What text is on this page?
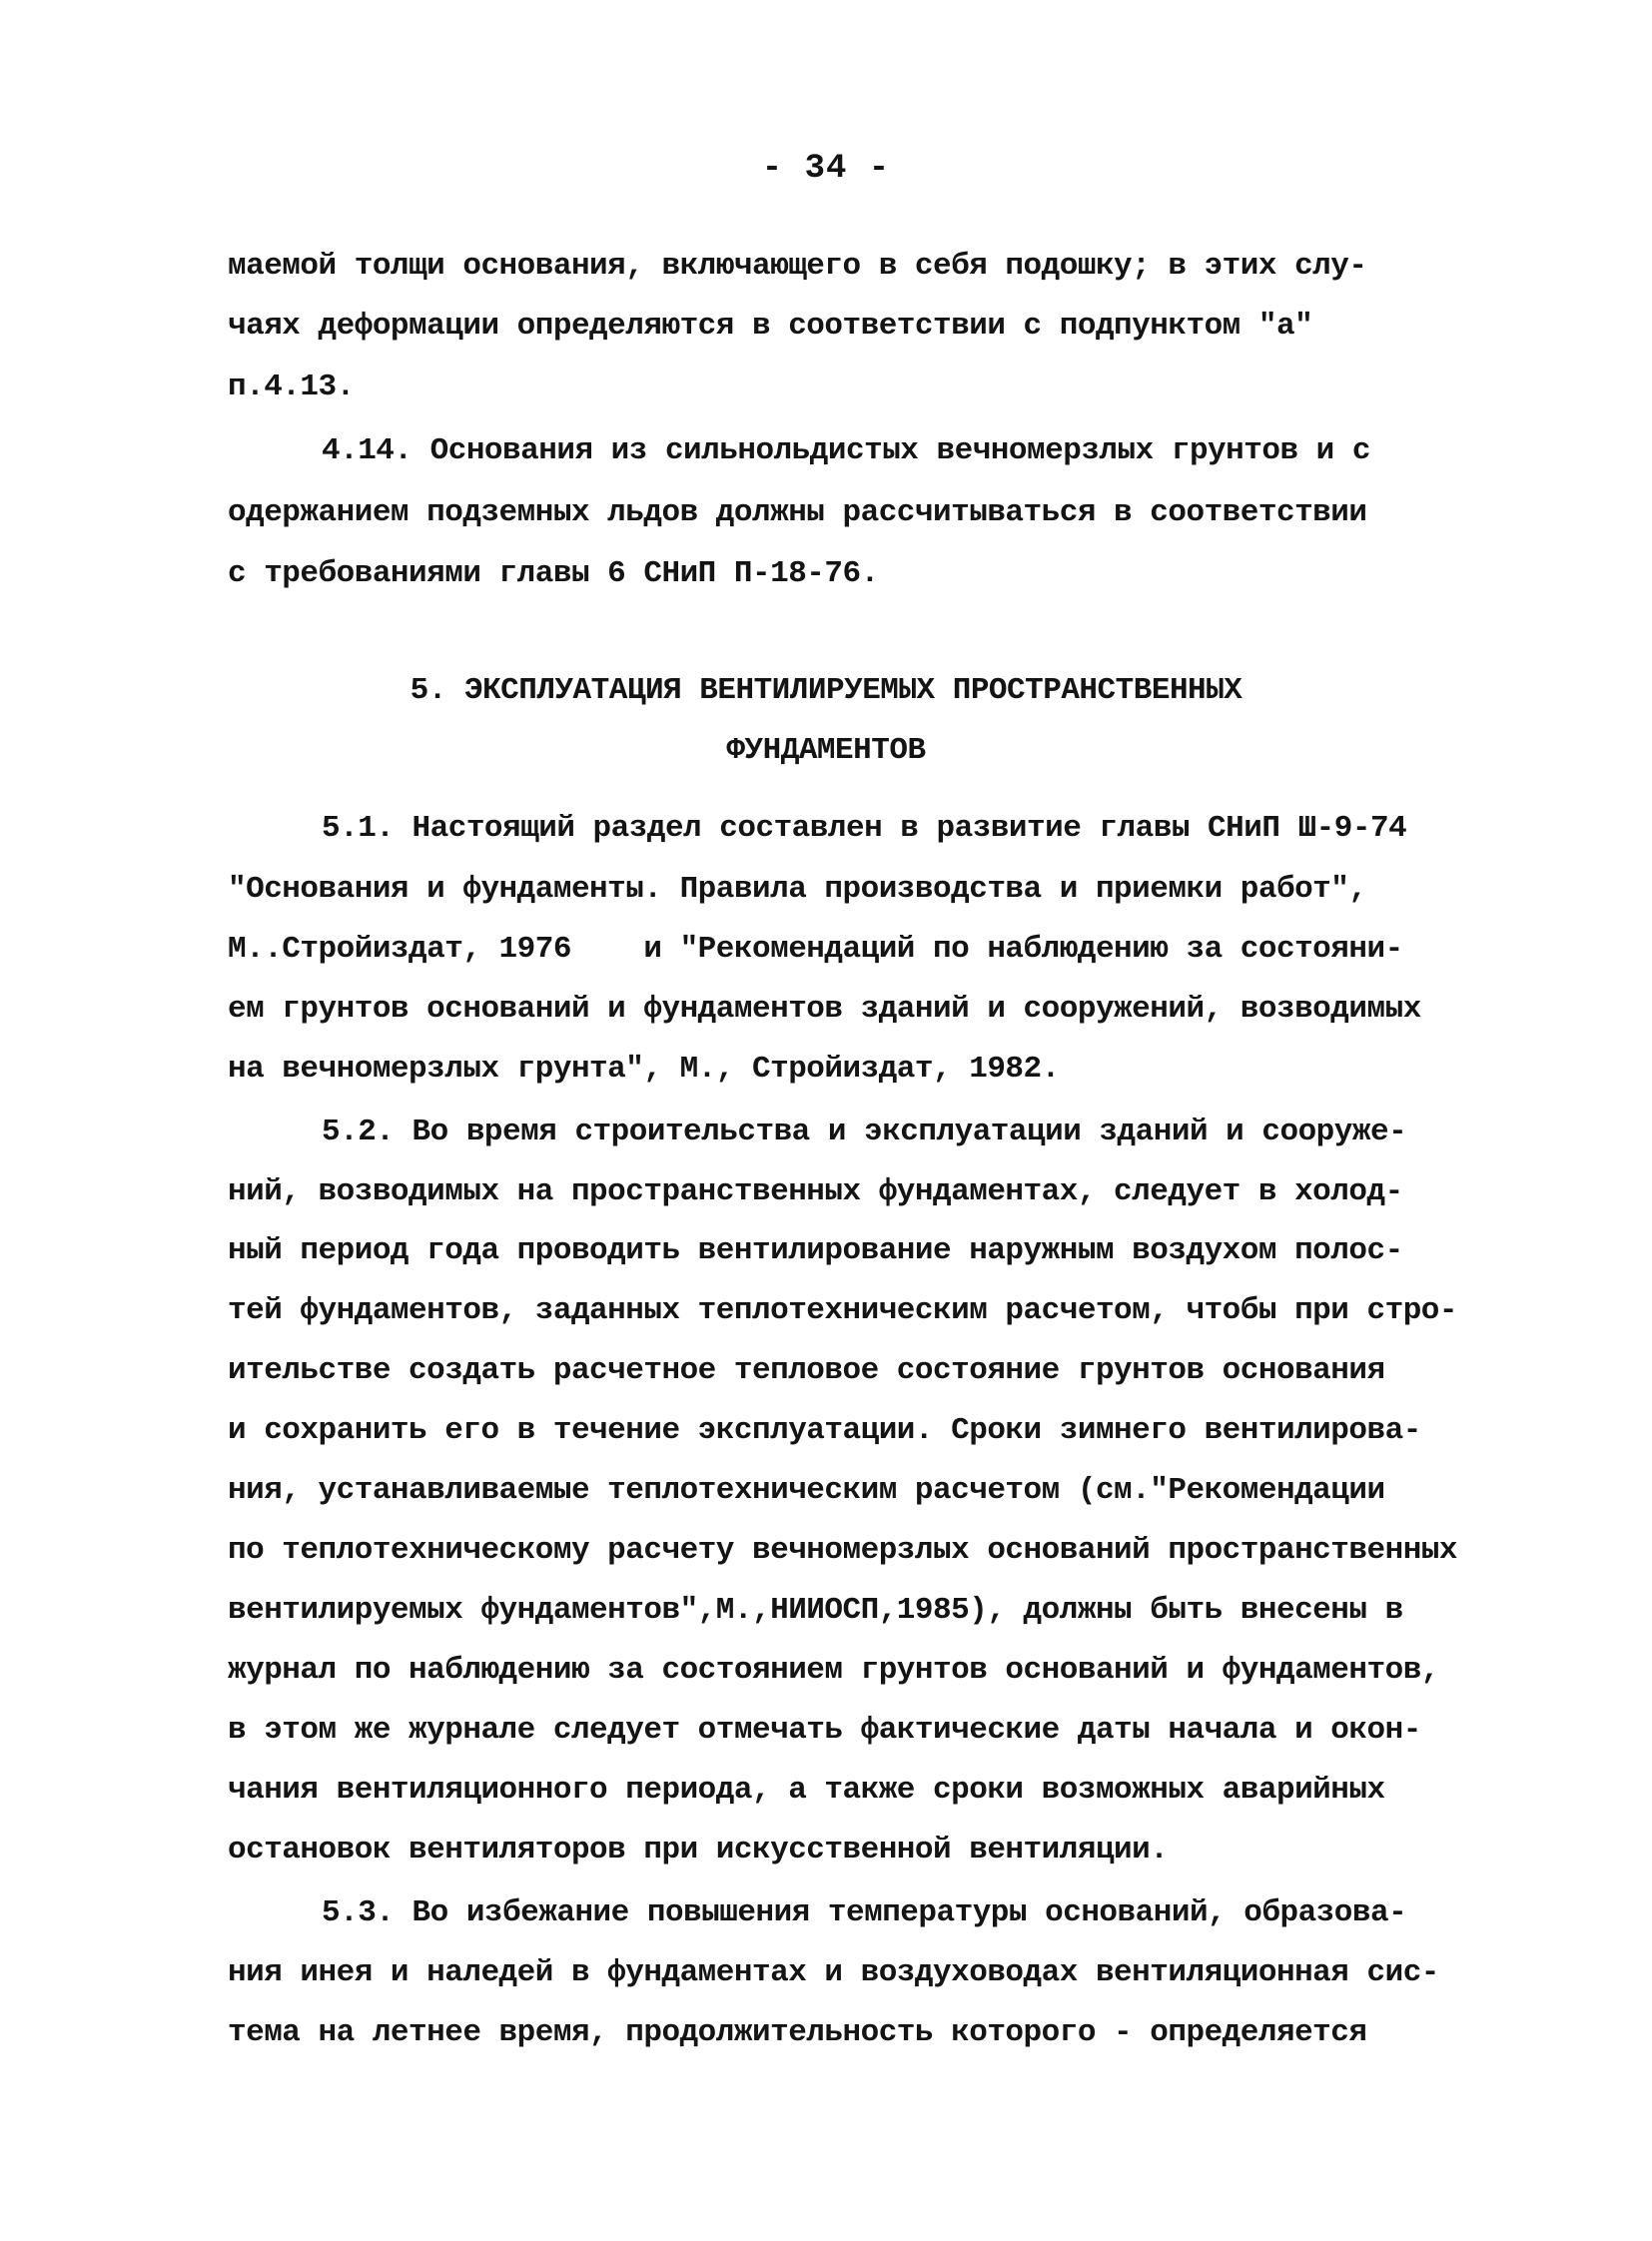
- 34 -
маемой толщи основания, включающего в себя подошку; в этих слу-
чаях деформации определяются в соответствии с подпунктом "а"
п.4.13.
4.14. Основания из сильнольдистых вечномерзлых грунтов и с
одержанием подземных льдов должны рассчитываться в соответствии
с требованиями главы 6 СНиП П-18-76.
5. ЭКСПЛУАТАЦИЯ ВЕНТИЛИРУЕМЫХ ПРОСТРАНСТВЕННЫХ
ФУНДАМЕНТОВ
5.1. Настоящий раздел составлен в развитие главы СНиП Ш-9-74
"Основания и фундаменты. Правила производства и приемки работ",
М..Стройиздат, 1976    и "Рекомендаций по наблюдению за состояни-
ем грунтов оснований и фундаментов зданий и сооружений, возводимых
на вечномерзлых грунта", М., Стройиздат, 1982.
5.2. Во время строительства и эксплуатации зданий и сооруже-
ний, возводимых на пространственных фундаментах, следует в холод-
ный период года проводить вентилирование наружным воздухом полос-
тей фундаментов, заданных теплотехническим расчетом, чтобы при стро-
ительстве создать расчетное тепловое состояние грунтов основания
и сохранить его в течение эксплуатации. Сроки зимнего вентилирова-
ния, устанавливаемые теплотехническим расчетом (см."Рекомендации
по теплотехническому расчету вечномерзлых оснований пространственных
вентилируемых фундаментов",М.,НИИОСП,1985), должны быть внесены в
журнал по наблюдению за состоянием грунтов оснований и фундаментов,
в этом же журнале следует отмечать фактические даты начала и окон-
чания вентиляционного периода, а также сроки возможных аварийных
остановок вентиляторов при искусственной вентиляции.
5.3. Во избежание повышения температуры оснований, образова-
ния инея и наледей в фундаментах и воздуховодах вентиляционная сис-
тема на летнее время, продолжительность которого - определяется
